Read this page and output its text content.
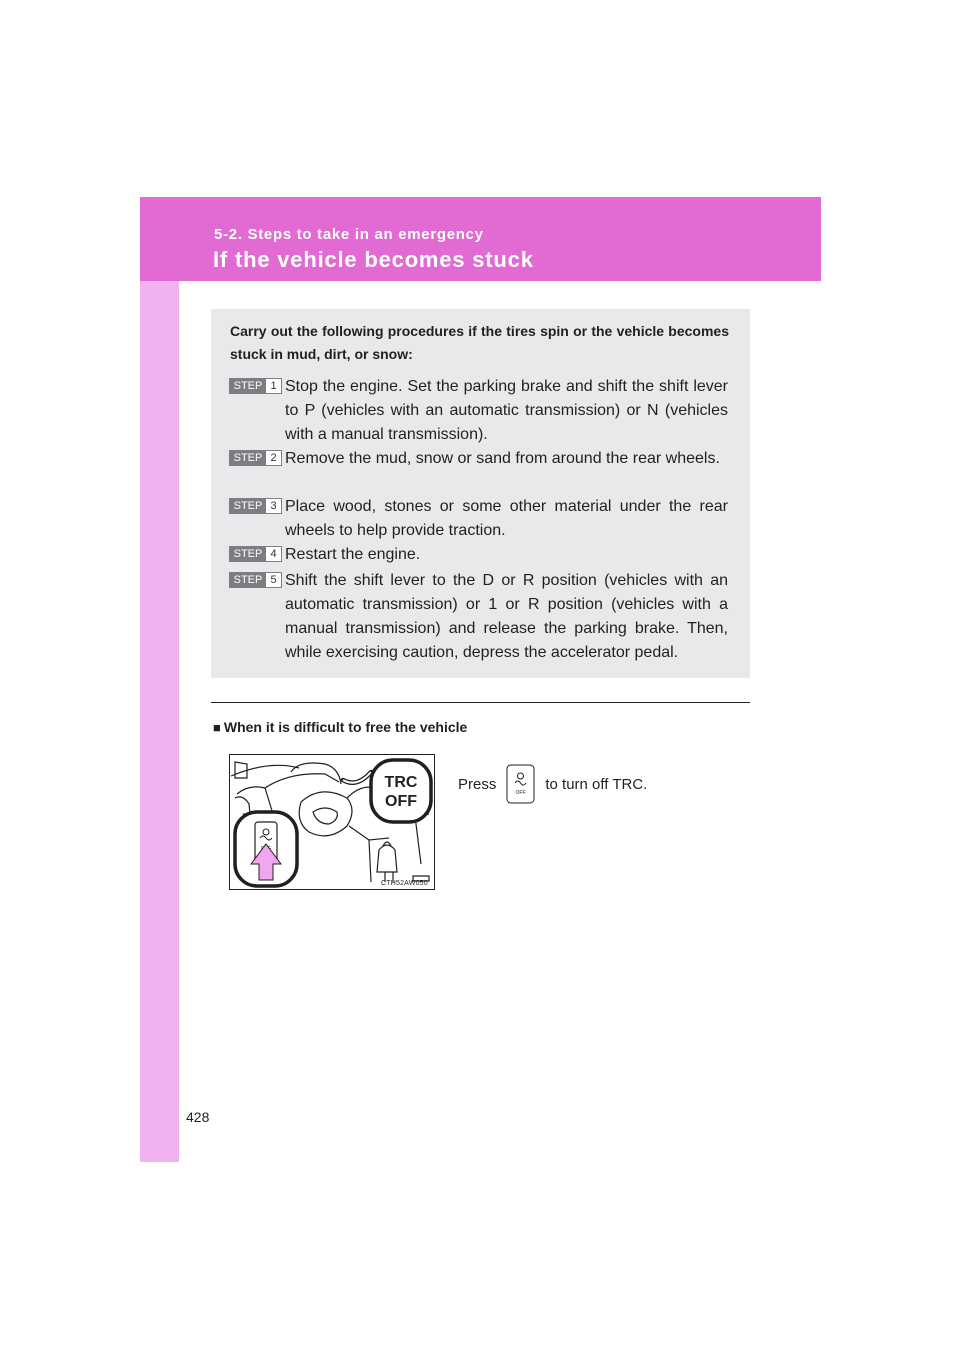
5-2. Steps to take in an emergency
If the vehicle becomes stuck
Carry out the following procedures if the tires spin or the vehicle becomes stuck in mud, dirt, or snow:
STEP 1 Stop the engine. Set the parking brake and shift the shift lever to P (vehicles with an automatic transmission) or N (vehicles with a manual transmission).
STEP 2 Remove the mud, snow or sand from around the rear wheels.
STEP 3 Place wood, stones or some other material under the rear wheels to help provide traction.
STEP 4 Restart the engine.
STEP 5 Shift the shift lever to the D or R position (vehicles with an automatic transmission) or 1 or R position (vehicles with a manual transmission) and release the parking brake. Then, while exercising caution, depress the accelerator pedal.
■ When it is difficult to free the vehicle
TRC
OFF
CTH52AW050
Press
OFF
to turn off TRC.
428
